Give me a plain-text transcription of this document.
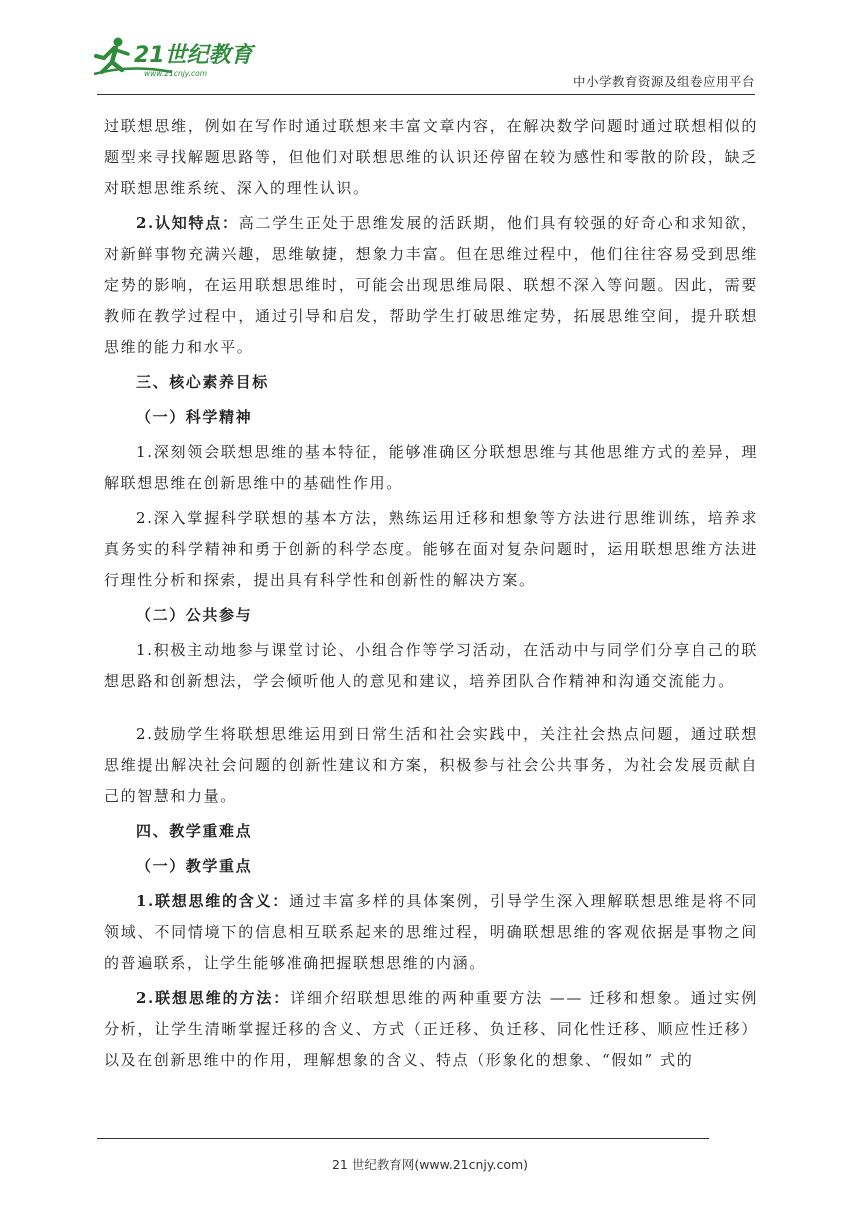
21世纪教育
www.21cnjy.com
中小学教育资源及组卷应用平台

过联想思维，例如在写作时通过联想来丰富文章内容，在解决数学问题时通过联想相似的题型来寻找解题思路等，但他们对联想思维的认识还停留在较为感性和零散的阶段，缺乏对联想思维系统、深入的理性认识。

2.认知特点：高二学生正处于思维发展的活跃期，他们具有较强的好奇心和求知欲，对新鲜事物充满兴趣，思维敏捷，想象力丰富。但在思维过程中，他们往往容易受到思维定势的影响，在运用联想思维时，可能会出现思维局限、联想不深入等问题。因此，需要教师在教学过程中，通过引导和启发，帮助学生打破思维定势，拓展思维空间，提升联想思维的能力和水平。

三、核心素养目标

（一）科学精神

1.深刻领会联想思维的基本特征，能够准确区分联想思维与其他思维方式的差异，理解联想思维在创新思维中的基础性作用。

2.深入掌握科学联想的基本方法，熟练运用迁移和想象等方法进行思维训练，培养求真务实的科学精神和勇于创新的科学态度。能够在面对复杂问题时，运用联想思维方法进行理性分析和探索，提出具有科学性和创新性的解决方案。

（二）公共参与

1.积极主动地参与课堂讨论、小组合作等学习活动，在活动中与同学们分享自己的联想思路和创新想法，学会倾听他人的意见和建议，培养团队合作精神和沟通交流能力。

2.鼓励学生将联想思维运用到日常生活和社会实践中，关注社会热点问题，通过联想思维提出解决社会问题的创新性建议和方案，积极参与社会公共事务，为社会发展贡献自己的智慧和力量。

四、教学重难点

（一）教学重点

1.联想思维的含义：通过丰富多样的具体案例，引导学生深入理解联想思维是将不同领域、不同情境下的信息相互联系起来的思维过程，明确联想思维的客观依据是事物之间的普遍联系，让学生能够准确把握联想思维的内涵。

2.联想思维的方法：详细介绍联想思维的两种重要方法 —— 迁移和想象。通过实例分析，让学生清晰掌握迁移的含义、方式（正迁移、负迁移、同化性迁移、顺应性迁移）以及在创新思维中的作用，理解想象的含义、特点（形象化的想象、“假如” 式的

21 世纪教育网(www.21cnjy.com)
